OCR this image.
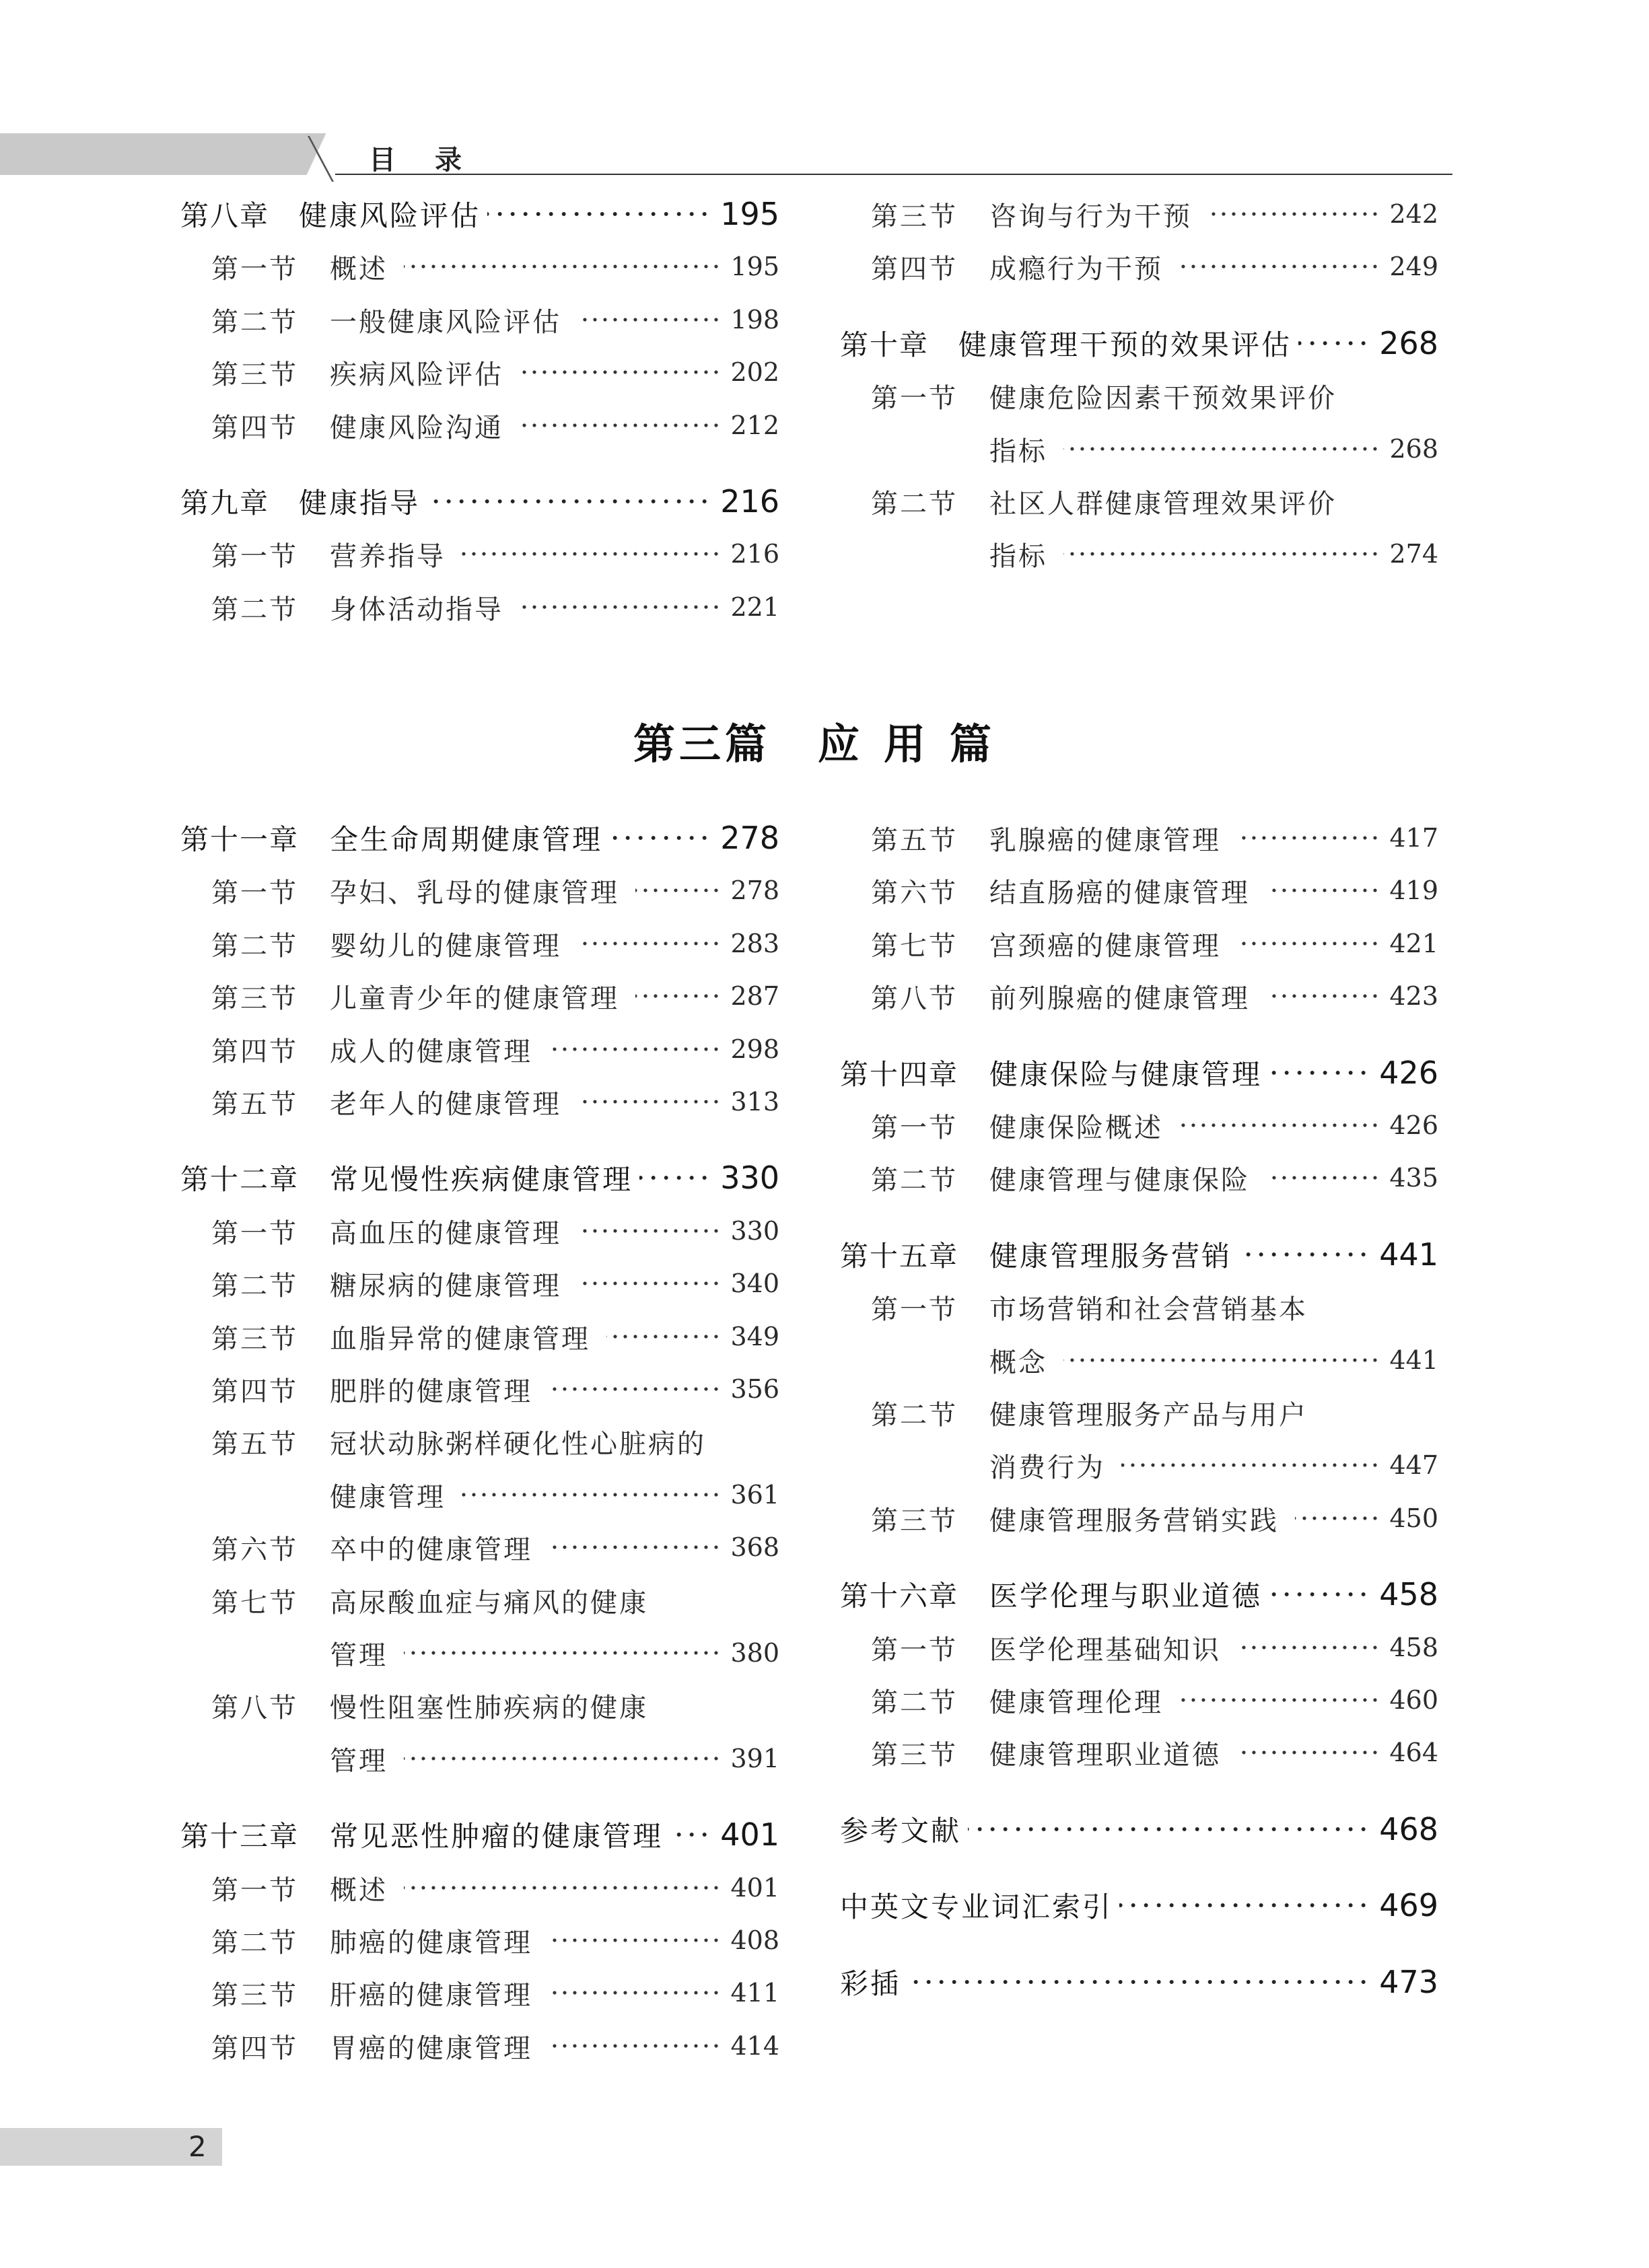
目录
第八章	健康风险评估	195
第一节	概述	195
第二节	一般健康风险评估	198
第三节	疾病风险评估	202
第四节	健康风险沟通	212
第九章	健康指导	216
第一节	营养指导	216
第二节	身体活动指导	221
第三节	咨询与行为干预	242
第四节	成瘾行为干预	249
第十章	健康管理干预的效果评估	268
第一节	健康危险因素干预效果评价
指标	268
第二节	社区人群健康管理效果评价
指标	274
第三篇 应用篇
第十一章	全生命周期健康管理	278
第一节	孕妇、乳母的健康管理	278
第二节	婴幼儿的健康管理	283
第三节	儿童青少年的健康管理	287
第四节	成人的健康管理	298
第五节	老年人的健康管理	313
第十二章	常见慢性疾病健康管理	330
第一节	高血压的健康管理	330
第二节	糖尿病的健康管理	340
第三节	血脂异常的健康管理	349
第四节	肥胖的健康管理	356
第五节	冠状动脉粥样硬化性心脏病的
健康管理	361
第六节	卒中的健康管理	368
第七节	高尿酸血症与痛风的健康
管理	380
第八节	慢性阻塞性肺疾病的健康
管理	391
第十三章	常见恶性肿瘤的健康管理 401
第一节	概述	401
第二节	肺癌的健康管理	408
第三节	肝癌的健康管理	411
第四节	胃癌的健康管理	414
第五节	乳腺癌的健康管理	417
第六节	结直肠癌的健康管理	419
第七节	宫颈癌的健康管理	421
第八节	前列腺癌的健康管理	423
第十四章	健康保险与健康管理	426
第一节	健康保险概述	426
第二节	健康管理与健康保险	435
第十五章	健康管理服务营销	441
第一节	市场营销和社会营销基本
概念	441
第二节	健康管理服务产品与用户
消费行为	447
第三节	健康管理服务营销实践	450
第十六章	医学伦理与职业道德	458
第一节	医学伦理基础知识	458
第二节	健康管理伦理	460
第三节	健康管理职业道德	464
参考文献	468
中英文专业词汇索引	469
彩插	473
2
